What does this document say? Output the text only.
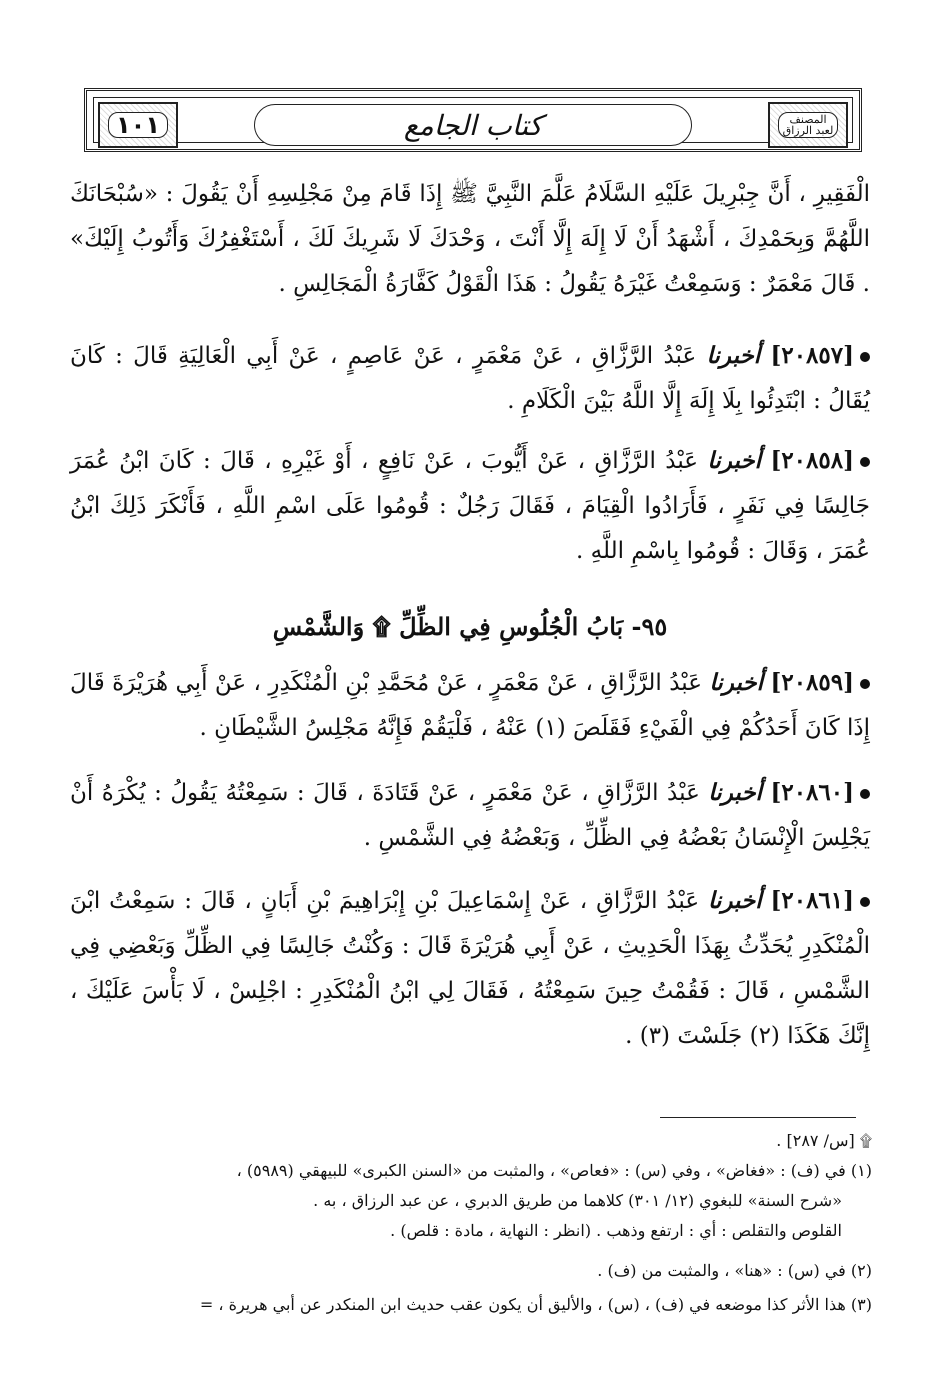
١٠١	كتاب الجامع	المصنف لعبد الرزاق
الْفَقِيرِ ، أَنَّ جِبْرِيلَ عَلَيْهِ السَّلَامُ عَلَّمَ النَّبِيَّ ﷺ إِذَا قَامَ مِنْ مَجْلِسِهِ أَنْ يَقُولَ : «سُبْحَانَكَ اللَّهُمَّ وَبِحَمْدِكَ ، أَشْهَدُ أَنْ لَا إِلَهَ إِلَّا أَنْتَ ، وَحْدَكَ لَا شَرِيكَ لَكَ ، أَسْتَغْفِرُكَ وَأَتُوبُ إِلَيْكَ» . قَالَ مَعْمَرٌ : وَسَمِعْتُ غَيْرَهُ يَقُولُ : هَذَا الْقَوْلُ كَفَّارَةُ الْمَجَالِسِ .
[٢٠٨٥٧] أخبرنا عَبْدُ الرَّزَّاقِ ، عَنْ مَعْمَرٍ ، عَنْ عَاصِمٍ ، عَنْ أَبِي الْعَالِيَةِ قَالَ : كَانَ يُقَالُ : ابْتَدِئُوا بِلَا إِلَهَ إِلَّا اللَّهُ بَيْنَ الْكَلَامِ .
[٢٠٨٥٨] أخبرنا عَبْدُ الرَّزَّاقِ ، عَنْ أَيُّوبَ ، عَنْ نَافِعٍ ، أَوْ غَيْرِهِ ، قَالَ : كَانَ ابْنُ عُمَرَ جَالِسًا فِي نَفَرٍ ، فَأَرَادُوا الْقِيَامَ ، فَقَالَ رَجُلٌ : قُومُوا عَلَى اسْمِ اللَّهِ ، فَأَنْكَرَ ذَلِكَ ابْنُ عُمَرَ ، وَقَالَ : قُومُوا بِاسْمِ اللَّهِ .
٩٥- بَابُ الْجُلُوسِ فِي الظِّلِّ ۩ وَالشَّمْسِ
[٢٠٨٥٩] أخبرنا عَبْدُ الرَّزَّاقِ ، عَنْ مَعْمَرٍ ، عَنْ مُحَمَّدِ بْنِ الْمُنْكَدِرِ ، عَنْ أَبِي هُرَيْرَةَ قَالَ إِذَا كَانَ أَحَدُكُمْ فِي الْفَيْءِ فَقَلَصَ (١) عَنْهُ ، فَلْيَقُمْ فَإِنَّهُ مَجْلِسُ الشَّيْطَانِ .
[٢٠٨٦٠] أخبرنا عَبْدُ الرَّزَّاقِ ، عَنْ مَعْمَرٍ ، عَنْ قَتَادَةَ ، قَالَ : سَمِعْتُهُ يَقُولُ : يُكْرَهُ أَنْ يَجْلِسَ الْإِنْسَانُ بَعْضُهُ فِي الظِّلِّ ، وَبَعْضُهُ فِي الشَّمْسِ .
[٢٠٨٦١] أخبرنا عَبْدُ الرَّزَّاقِ ، عَنْ إِسْمَاعِيلَ بْنِ إِبْرَاهِيمَ بْنِ أَبَانٍ ، قَالَ : سَمِعْتُ ابْنَ الْمُنْكَدِرِ يُحَدِّثُ بِهَذَا الْحَدِيثِ ، عَنْ أَبِي هُرَيْرَةَ قَالَ : وَكُنْتُ جَالِسًا فِي الظِّلِّ وَبَعْضِي فِي الشَّمْسِ ، قَالَ : فَقُمْتُ حِينَ سَمِعْتُهُ ، فَقَالَ لِي ابْنُ الْمُنْكَدِرِ : اجْلِسْ ، لَا بَأْسَ عَلَيْكَ ، إِنَّكَ هَكَذَا (٢) جَلَسْتَ (٣) .
۩ [س/ ٢٨٧] .
(١) في (ف) : «فغاض» ، وفي (س) : «فعاص» ، والمثبت من «السنن الكبرى» للبيهقي (٥٩٨٩) ،
«شرح السنة» للبغوي (١٢/ ٣٠١) كلاهما من طريق الدبري ، عن عبد الرزاق ، به .
القلوص والتقلص : أي : ارتفع وذهب . (انظر : النهاية ، مادة : قلص) .
(٢) في (س) : «هنا» ، والمثبت من (ف) .
(٣) هذا الأثر كذا موضعه في (ف) ، (س) ، والأليق أن يكون عقب حديث ابن المنكدر عن أبي هريرة ، =
